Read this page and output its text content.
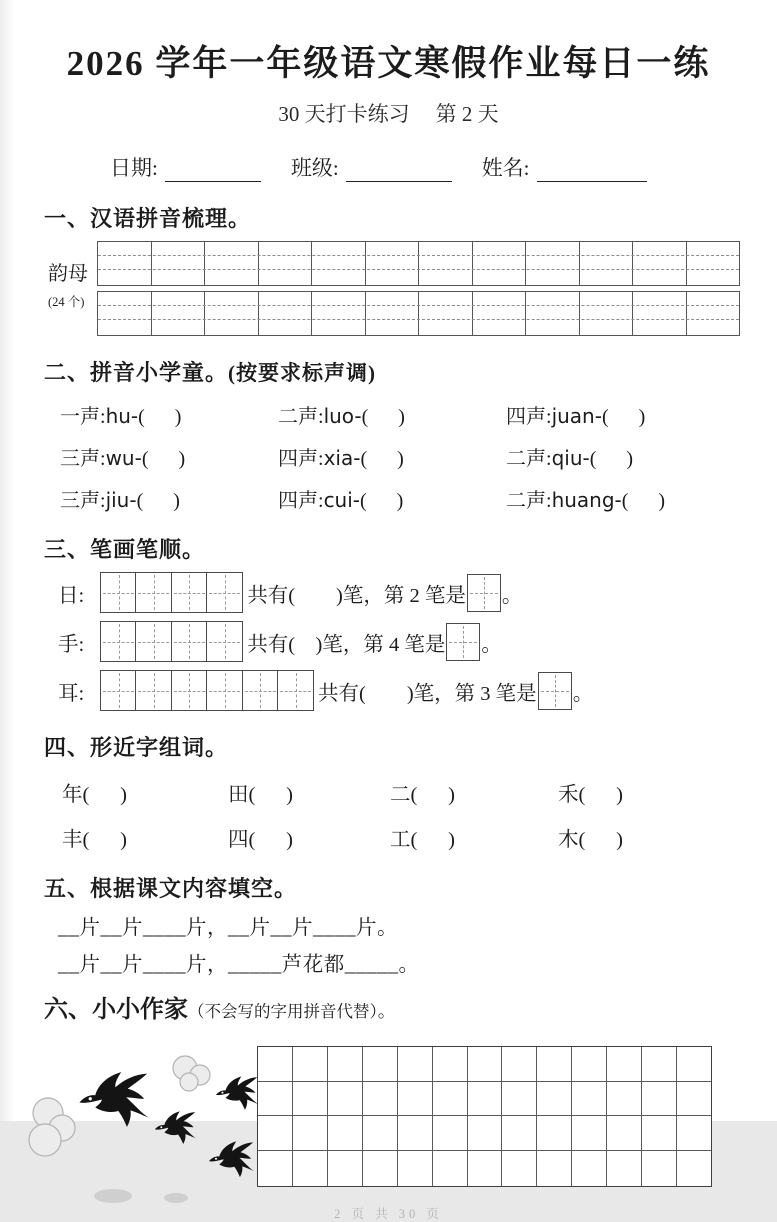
2026 学年一年级语文寒假作业每日一练
30 天打卡练习 第 2 天
日期:	班级:	姓名:
一、汉语拼音梳理。
韵母
(24 个)
二、拼音小学童。(按要求标声调)
一声:hu-(      )	二声:luo-(      )	四声:juan-(      )
三声:wu-(      )	四声:xia-(      )	二声:qiu-(      )
三声:jiu-(      )	四声:cui-(      )	二声:huang-(      )
三、笔画笔顺。
日:	共有(　　)笔，第 2 笔是 。
手:	共有(　)笔，第 4 笔是 。
耳:	共有(　　)笔，第 3 笔是 。
四、形近字组词。
年(      )	田(      )	二(      )	禾(      )
丰(      )	四(      )	工(      )	木(      )
五、根据课文内容填空。
__片__片____片，__片__片____片。
__片__片____片，_____芦花都_____。
六、小小作家（不会写的字用拼音代替）。
2 页 共 30 页
